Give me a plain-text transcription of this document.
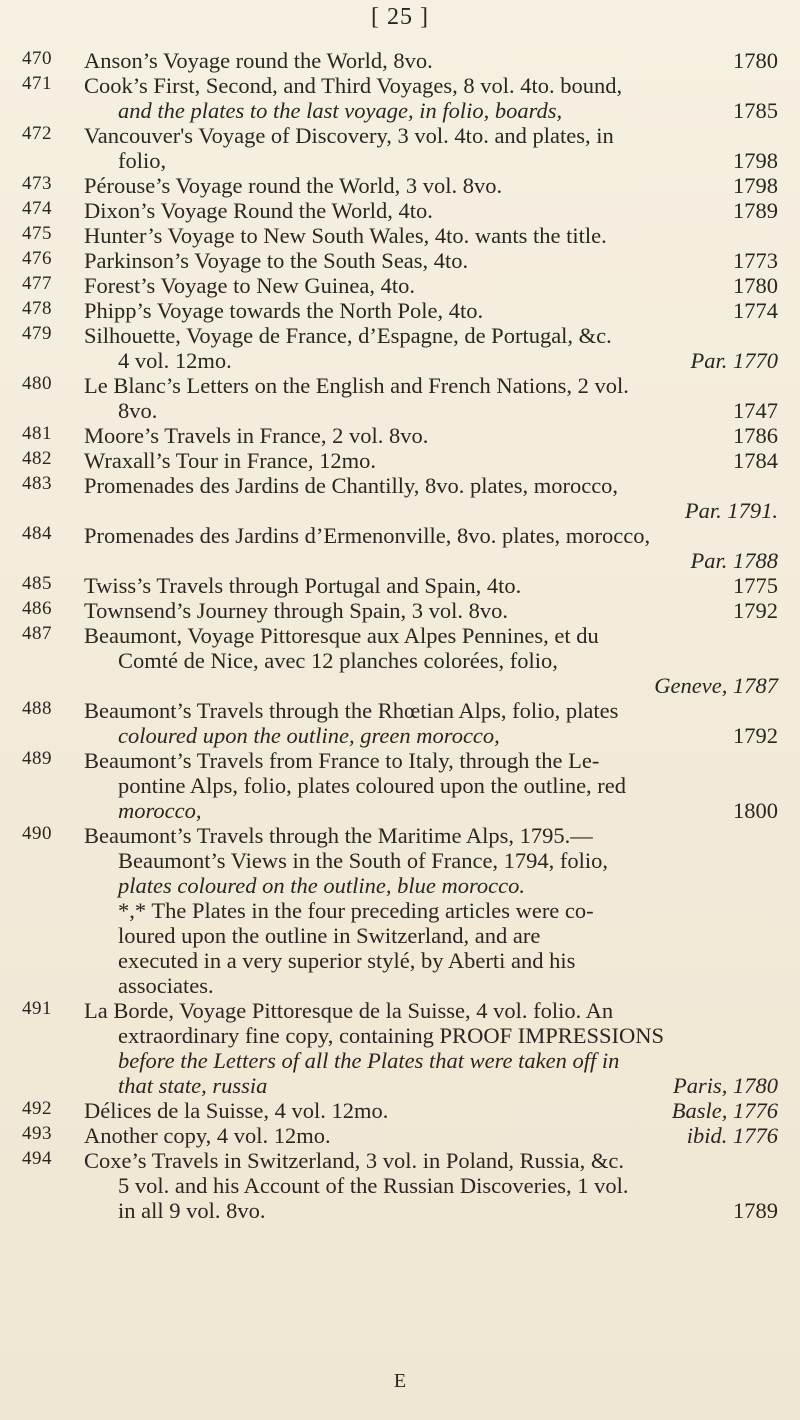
[ 25 ]
470	Anson’s Voyage round the World, 8vo.	1780
471	Cook’s First, Second, and Third Voyages, 8 vol. 4to. bound,
and the plates to the last voyage, in folio, boards,	1785
472	Vancouver's Voyage of Discovery, 3 vol. 4to. and plates, in
folio,	1798
473	Pérouse’s Voyage round the World, 3 vol. 8vo.	1798
474	Dixon’s Voyage Round the World, 4to.	1789
475	Hunter’s Voyage to New South Wales, 4to. wants the title.
476	Parkinson’s Voyage to the South Seas, 4to.	1773
477	Forest’s Voyage to New Guinea, 4to.	1780
478	Phipp’s Voyage towards the North Pole, 4to.	1774
479	Silhouette, Voyage de France, d’Espagne, de Portugal, &c.
4 vol. 12mo.	Par. 1770
480	Le Blanc’s Letters on the English and French Nations, 2 vol.
8vo.	1747
481	Moore’s Travels in France, 2 vol. 8vo.	1786
482	Wraxall’s Tour in France, 12mo.	1784
483	Promenades des Jardins de Chantilly, 8vo. plates, morocco,
Par. 1791.
484	Promenades des Jardins d’Ermenonville, 8vo. plates, morocco,
Par. 1788
485	Twiss’s Travels through Portugal and Spain, 4to.	1775
486	Townsend’s Journey through Spain, 3 vol. 8vo.	1792
487	Beaumont, Voyage Pittoresque aux Alpes Pennines, et du
Comté de Nice, avec 12 planches colorées, folio,
Geneve, 1787
488	Beaumont’s Travels through the Rhœtian Alps, folio, plates
coloured upon the outline, green morocco,	1792
489	Beaumont’s Travels from France to Italy, through the Le-
pontine Alps, folio, plates coloured upon the outline, red
morocco,	1800
490	Beaumont’s Travels through the Maritime Alps, 1795.—
Beaumont’s Views in the South of France, 1794, folio,
plates coloured on the outline, blue morocco.
*,* The Plates in the four preceding articles were co-
loured upon the outline in Switzerland, and are
executed in a very superior stylé, by Aberti and his
associates.
491	La Borde, Voyage Pittoresque de la Suisse, 4 vol. folio. An
extraordinary fine copy, containing PROOF IMPRESSIONS
before the Letters of all the Plates that were taken off in
that state, russia	Paris, 1780
492	Délices de la Suisse, 4 vol. 12mo.	Basle, 1776
493	Another copy, 4 vol. 12mo.	ibid. 1776
494	Coxe’s Travels in Switzerland, 3 vol. in Poland, Russia, &c.
5 vol. and his Account of the Russian Discoveries, 1 vol.
in all 9 vol. 8vo.	1789
E
